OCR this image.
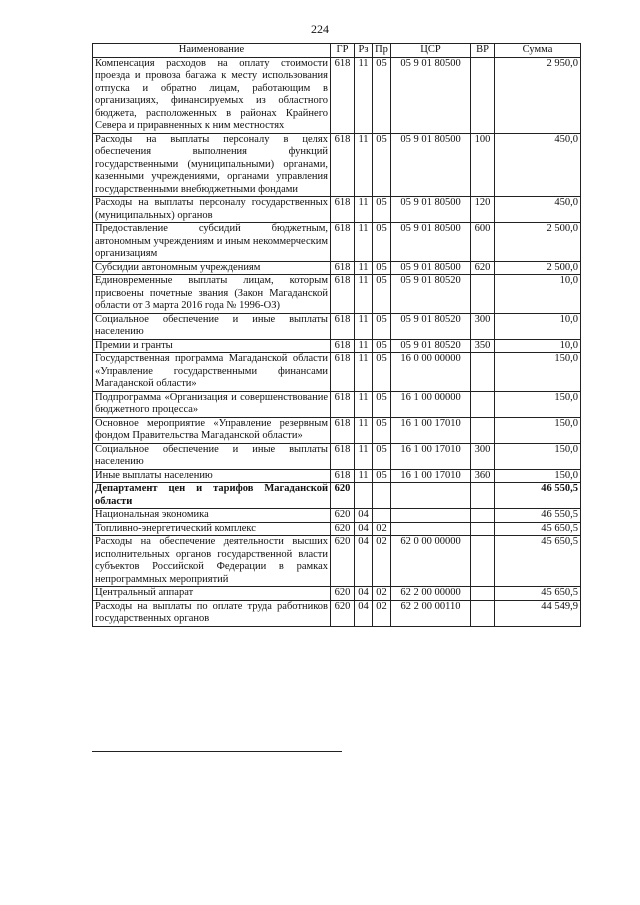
224
Наименование	ГР	Рз	Пр	ЦСР	ВР	Сумма
Компенсация расходов на оплату стоимости проезда и провоза багажа к месту использования отпуска и обратно лицам, работающим в организациях, финансируемых из областного бюджета, расположенных в районах Крайнего Севера и приравненных к ним местностях	618	11	05	05 9 01 80500		2 950,0
Расходы на выплаты персоналу в целях обеспечения выполнения функций государственными (муниципальными) органами, казенными учреждениями, органами управления государственными внебюджетными фондами	618	11	05	05 9 01 80500	100	450,0
Расходы на выплаты персоналу государственных (муниципальных) органов	618	11	05	05 9 01 80500	120	450,0
Предоставление субсидий бюджетным, автономным учреждениям и иным некоммерческим организациям	618	11	05	05 9 01 80500	600	2 500,0
Субсидии автономным учреждениям	618	11	05	05 9 01 80500	620	2 500,0
Единовременные выплаты лицам, которым присвоены почетные звания (Закон Магаданской области от 3 марта 2016 года № 1996-ОЗ)	618	11	05	05 9 01 80520		10,0
Социальное обеспечение и иные выплаты населению	618	11	05	05 9 01 80520	300	10,0
Премии и гранты	618	11	05	05 9 01 80520	350	10,0
Государственная программа Магаданской области «Управление государственными финансами Магаданской области»	618	11	05	16 0 00 00000		150,0
Подпрограмма «Организация и совершенствование бюджетного процесса»	618	11	05	16 1 00 00000		150,0
Основное мероприятие «Управление резервным фондом Правительства Магаданской области»	618	11	05	16 1 00 17010		150,0
Социальное обеспечение и иные выплаты населению	618	11	05	16 1 00 17010	300	150,0
Иные выплаты населению	618	11	05	16 1 00 17010	360	150,0
Департамент цен и тарифов Магаданской области	620					46 550,5
Национальная экономика	620	04				46 550,5
Топливно-энергетический комплекс	620	04	02			45 650,5
Расходы на обеспечение деятельности высших исполнительных органов государственной власти субъектов Российской Федерации в рамках непрограммных мероприятий	620	04	02	62 0 00 00000		45 650,5
Центральный аппарат	620	04	02	62 2 00 00000		45 650,5
Расходы на выплаты по оплате труда работников государственных органов	620	04	02	62 2 00 00110		44 549,9
